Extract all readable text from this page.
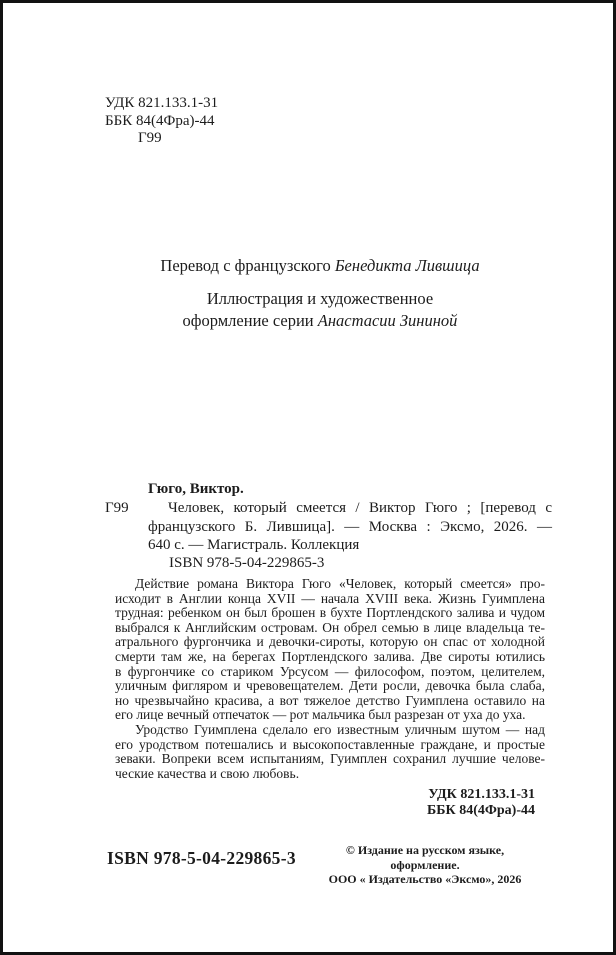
УДК 821.133.1-31
ББК 84(4Фра)-44
Г99
Перевод с французского Бенедикта Лившица
Иллюстрация и художественное
оформление серии Анастасии Зининой
Гюго, Виктор.
Г99	Человек, который смеется / Виктор Гюго ; [перевод с
французского Б. Лившица]. — Москва : Эксмо, 2026. —
640 с. — Магистраль. Коллекция
ISBN 978-5-04-229865-3
Действие романа Виктора Гюго «Человек, который смеется» про-
исходит в Англии конца XVII — начала XVIII века. Жизнь Гуимплена
трудная: ребенком он был брошен в бухте Портлендского залива и чудом
выбрался к Английским островам. Он обрел семью в лице владельца те-
атрального фургончика и девочки-сироты, которую он спас от холодной
смерти там же, на берегах Портлендского залива. Две сироты ютились
в фургончике со стариком Урсусом — философом, поэтом, целителем,
уличным фигляром и чревовещателем. Дети росли, девочка была слаба,
но чрезвычайно красива, а вот тяжелое детство Гуимплена оставило на
его лице вечный отпечаток — рот мальчика был разрезан от уха до уха.
Уродство Гуимплена сделало его известным уличным шутом — над
его уродством потешались и высокопоставленные граждане, и простые
зеваки. Вопреки всем испытаниям, Гуимплен сохранил лучшие челове-
ческие качества и свою любовь.
УДК 821.133.1-31
ББК 84(4Фра)-44
ISBN 978-5-04-229865-3	© Издание на русском языке, оформление.
ООО « Издательство «Эксмо», 2026
